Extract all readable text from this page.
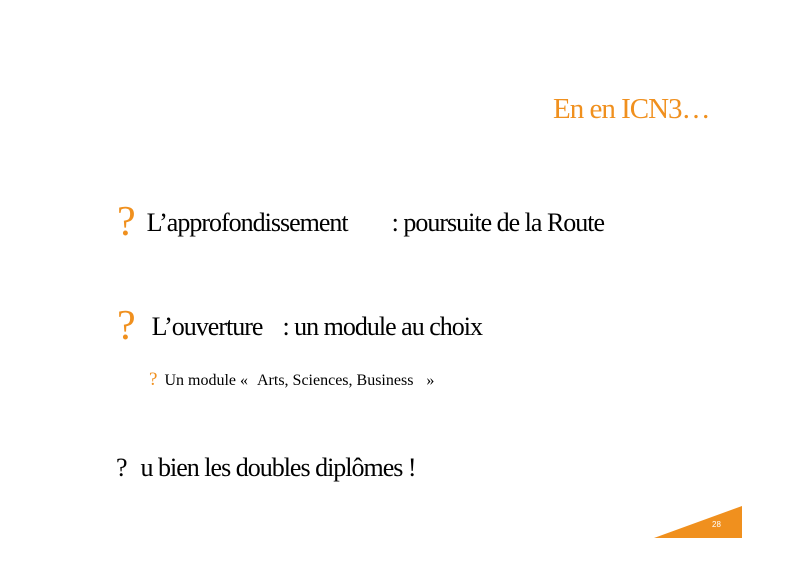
En en ICN3…
? L’approfondissement : poursuite de la Route
? L’ouverture : un module au choix
? Un module « Arts, Sciences, Business »
? u bien les doubles diplômes !
28
